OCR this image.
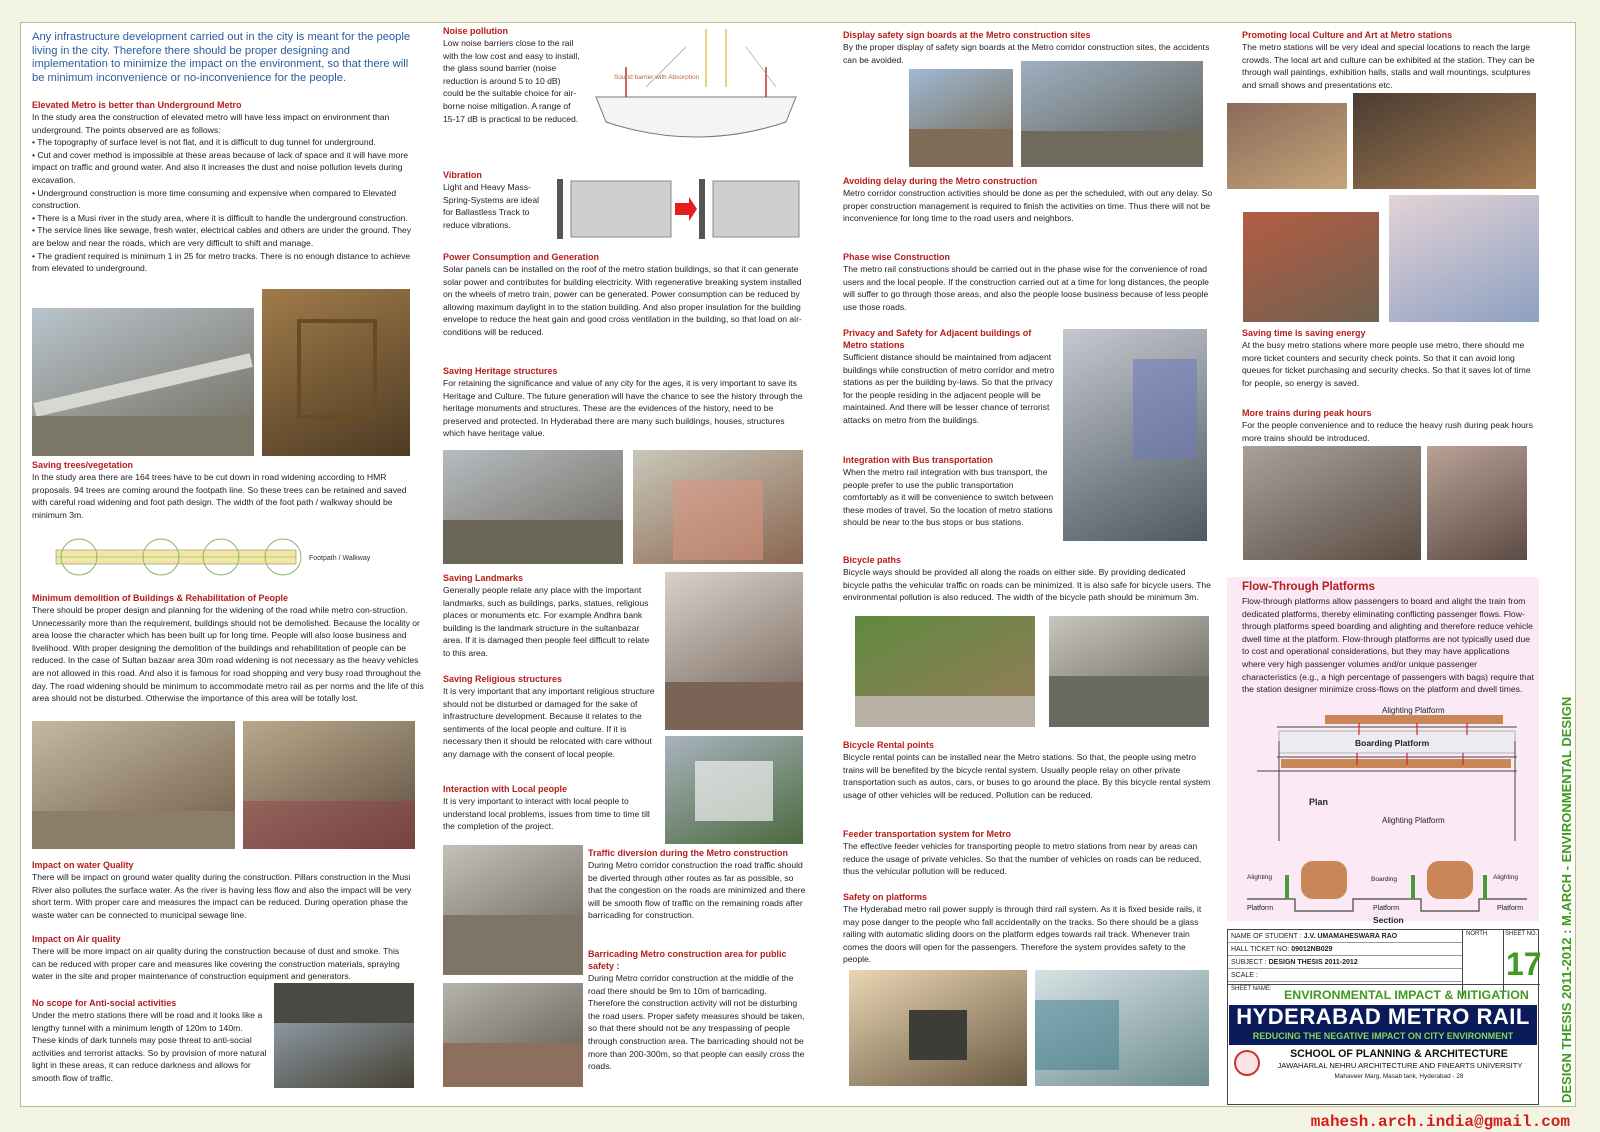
Any infrastructure development carried out in the city is meant for the people living in the city. Therefore there should be proper designing and implementation to minimize the impact on the environment, so that there will be minimum inconvenience or no-inconvenience for the people.
Elevated Metro is better than Underground Metro
In the study area the construction of elevated metro will have less impact on environment than underground. The points observed are as follows:
• The topography of surface level is not flat, and it is difficult to dug tunnel for underground.
• Cut and cover method is impossible at these areas because of lack of space and it will have more impact on traffic and ground water. And also it increases the dust and noise pollution levels during excavation.
• Underground construction is more time consuming and expensive when compared to Elevated construction.
• There is a Musi river in the study area, where it is difficult to handle the underground construction.
• The service lines like sewage, fresh water, electrical cables and others are under the ground. They are below and near the roads, which are very difficult to shift and manage.
• The gradient required is minimum 1 in 25 for metro tracks. There is no enough distance to achieve from elevated to underground.
Saving trees/vegetation
In the study area there are 164 trees have to be cut down in road widening according to HMR proposals. 94 trees are coming around the footpath line. So these trees can be retained and saved with careful road widening and foot path design. The width of the foot path / walkway should be minimum 3m.
Footpath / Walkway
Minimum demolition of Buildings & Rehabilitation of People
There should be proper design and planning for the widening of the road while metro con-struction. Unnecessarily more than the requirement, buildings should not be demolished. Because the locality or area loose the character which has been built up for long time. People will also loose business and livelihood. With proper designing the demolition of the buildings and rehabilitation of people can be reduced. In the case of Sultan bazaar area 30m road widening is not necessary as the heavy vehicles are not allowed in this road. And also it is famous for road shopping and very busy road throughout the day. The road widening should be minimum to accommodate metro rail as per norms and the life of this area should not be disturbed. Otherwise the importance of this area will be totally lost.
Impact on water Quality
There will be impact on ground water quality during the construction. Pillars construction in the Musi River also pollutes the surface water. As the river is having less flow and also the impact will be very short term. With proper care and measures the impact can be reduced. During operation phase the waste water can be connected to municipal sewage line.
Impact on Air quality
There will be more impact on air quality during the construction because of dust and smoke. This can be reduced with proper care and measures like covering the construction materials, spraying water in the site and proper maintenance of construction equipment and generators.
No scope for Anti-social activities
Under the metro stations there will be road and it looks like a lengthy tunnel with a minimum length of 120m to 140m. These kinds of dark tunnels may pose threat to anti-social activities and terrorist attacks. So by provision of more natural light in these areas, it can reduce darkness and allows for smooth flow of traffic.
Noise pollution
Low noise barriers close to the rail with the low cost and easy to install, the glass sound barrier (noise reduction is around 5 to 10 dB) could be the suitable choice for air-borne noise mitigation. A range of 15-17 dB is practical to be reduced.
Sound barrier with Absorption
Vibration
Light and Heavy Mass-Spring-Systems are ideal for Ballastless Track to reduce vibrations.
Power Consumption and Generation
Solar panels can be installed on the roof of the metro station buildings, so that it can generate solar power and contributes for building electricity. With regenerative breaking system installed on the wheels of metro train, power can be generated. Power consumption can be reduced by allowing maximum daylight in to the station building. And also proper insulation for the building envelope to reduce the heat gain and good cross ventilation in the building, so that load on air-conditions will be reduced.
Saving Heritage structures
For retaining the significance and value of any city for the ages, it is very important to save its Heritage and Culture. The future generation will have the chance to see the history through the heritage monuments and structures. These are the evidences of the history, need to be preserved and protected. In Hyderabad there are many such buildings, houses, structures which have heritage value.
Saving Landmarks
Generally people relate any place with the important landmarks, such as buildings, parks, statues, religious places or monuments etc. For example Andhra bank building is the landmark structure in the sultanbazar area. If it is damaged then people feel difficult to relate to this area.
Saving Religious structures
It is very important that any important religious structure should not be disturbed or damaged for the sake of infrastructure development. Because it relates to the sentiments of the local people and culture. If it is necessary then it should be relocated with care without any damage with the consent of local people.
Interaction with Local people
It is very important to interact with local people to understand local problems, issues from time to time till the completion of the project.
Traffic diversion during the Metro construction
During Metro corridor construction the road traffic should be diverted through other routes as far as possible, so that the congestion on the roads are minimized and there will be smooth flow of traffic on the remaining roads after barricading for construction.
Barricading Metro construction area for public safety :
During Metro corridor construction at the middle of the road there should be 9m to 10m of barricading. Therefore the construction activity will not be disturbing the road users. Proper safety measures should be taken, so that there should not be any trespassing of people through construction area. The barricading should not be more than 200-300m, so that people can easily cross the roads.
Display safety sign boards at the Metro construction sites
By the proper display of safety sign boards at the Metro corridor construction sites, the accidents can be avoided.
Avoiding delay during the Metro construction
Metro corridor construction activities should be done as per the scheduled, with out any delay. So proper construction management is required to finish the activities on time. Thus there will not be inconvenience for long time to the road users and neighbors.
Phase wise Construction
The metro rail constructions should be carried out in the phase wise for the convenience of road users and the local people. If the construction carried out at a time for long distances, the people will suffer to go through those areas, and also the people loose business because of less people use those roads.
Privacy and Safety for Adjacent buildings of Metro stations
Sufficient distance should be maintained from adjacent buildings while construction of metro corridor and metro stations as per the building by-laws. So that the privacy for the people residing in the adjacent people will be maintained. And there will be lesser chance of terrorist attacks on metro from the buildings.
Integration with Bus transportation
When the metro rail integration with bus transport, the people prefer to use the public transportation comfortably as it will be convenience to switch between these modes of travel. So the location of metro stations should be near to the bus stops or bus stations.
Bicycle paths
Bicycle ways should be provided all along the roads on either side. By providing dedicated bicycle paths the vehicular traffic on roads can be minimized. It is also safe for bicycle users. The environmental pollution is also reduced. The width of the bicycle path should be minimum 3m.
Bicycle Rental points
Bicycle rental points can be installed near the Metro stations. So that, the people using metro trains will be benefited by the bicycle rental system. Usually people relay on other private transportation such as autos, cars, or buses to go around the place. By this bicycle rental system usage of other vehicles will be reduced. Pollution can be reduced.
Feeder transportation system for Metro
The effective feeder vehicles for transporting people to metro stations from near by areas can reduce the usage of private vehicles. So that the number of vehicles on roads can be reduced, thus the vehicular pollution will be reduced.
Safety on platforms
The Hyderabad metro rail power supply is through third rail system. As it is fixed beside rails, it may pose danger to the people who fall accidentally on the tracks. So there should be a glass railing with automatic sliding doors on the platform edges towards rail track. Whenever train comes the doors will open for the passengers. Therefore the system provides safety to the people.
Promoting local Culture and Art at Metro stations
The metro stations will be very ideal and special locations to reach the large crowds. The local art and culture can be exhibited at the station. They can be through wall paintings, exhibition halls, stalls and wall mountings, sculptures and small shows and presentations etc.
Saving time is saving energy
At the busy metro stations where more people use metro, there should me more ticket counters and security check points. So that it can avoid long queues for ticket purchasing and security checks. So that it saves lot of time for people, so energy is saved.
More trains during peak hours
For the people convenience and to reduce the heavy rush during peak hours more trains should be introduced.
Flow-Through Platforms
Flow-through platforms allow passengers to board and alight the train from dedicated platforms, thereby eliminating conflicting passenger flows. Flow-through platforms speed boarding and alighting and therefore reduce vehicle dwell time at the platform. Flow-through platforms are not typically used due to cost and operational considerations, but they may have applications where very high passenger volumes and/or unique passenger characteristics (e.g., a high percentage of passengers with bags) require that the station designer minimize cross-flows on the platform and dwell times.
Alighting Platform
Boarding Platform
Plan
Alighting Platform
Alighting	Boarding	Alighting
Platform	Platform	Platform
Section
NAME OF STUDENT : J.V. UMAMAHESWARA RAO
HALL TICKET NO: 09012NB029
SUBJECT : DESIGN THESIS 2011-2012
SCALE :
NORTH	SHEET NO.
17
SHEET NAME: ENVIRONMENTAL IMPACT & MITIGATION
HYDERABAD METRO RAIL
REDUCING THE NEGATIVE IMPACT ON CITY ENVIRONMENT
SCHOOL OF PLANNING & ARCHITECTURE
JAWAHARLAL NEHRU ARCHITECTURE AND FINEARTS UNIVERSITY
Mahaveer Marg, Masab tank, Hyderabad - 28	DESIGN THESIS 2011-2012 : M.ARCH - ENVIRONMENTAL DESIGN
mahesh.arch.india@gmail.com
